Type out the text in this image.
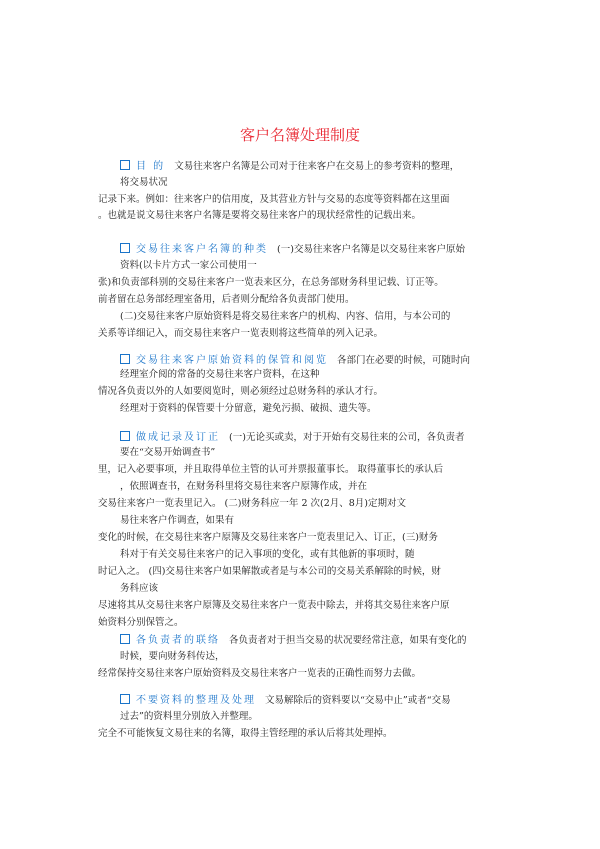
客户名簿处理制度
目 的 文易往来客户名簿是公司对于往来客户在交易上的参考资料的整理，
将交易状况
记录下来。例如：往来客户的信用度，及其营业方针与交易的态度等资料都在这里面
。也就是说文易往来客户名簿是要将交易往来客户的现状经常性的记载出来。
交易往来客户名簿的种类 (一)交易往来客户名簿是以交易往来客户原始
资料(以卡片方式一家公司使用一
张)和负责部科别的交易往来客户一览表来区分，在总务部财务科里记载、订正等。
前者留在总务部经理室备用，后者则分配给各负责部门使用。
(二)交易往来客户原始资料是将交易往来客户的机构、内容、信用，与本公司的
关系等详细记入，而交易往来客户一览表则将这些简单的列入记录。
交易往来客户原始资料的保管和阅览 各部门在必要的时候，可随时向
经理室介阅的常备的交易往来客户资料，在这种
情况各负责以外的人如要阅览时，则必须经过总财务科的承认才行。
经理对于资料的保管要十分留意，避免污损、破损、遗失等。
做成记录及订正 (一)无论买或卖，对于开始有交易往来的公司，各负责者
要在“交易开始调查书”
里，记入必要事项，并且取得单位主管的认可并票报董事长。 取得董事长的承认后
，依照调查书，在财务科里将交易往来客户原簿作成，并在
交易往来客户一览表里记入。 (二)财务科应一年 2 次(2月、8月)定期对文
易往来客户作调查，如果有
变化的时候，在交易往来客户原簿及交易往来客户一览表里记入、订正，(三)财务
科对于有关交易往来客户的记入事项的变化，或有其他新的事项时，随
时记入之。 (四)交易往来客户如果解散或者是与本公司的交易关系解除的时候，财
务科应该
尽速将其从交易往来客户原簿及交易往来客户一览表中除去，并将其交易往来客户原
始资料分别保管之。
各负责者的联络 各负责者对于担当交易的状况要经常注意，如果有变化的
时候，要向财务科传达，
经常保持交易往来客户原始资料及交易往来客户一览表的正确性而努力去做。
不要资料的整理及处理 文易解除后的资料要以“交易中止”或者“交易
过去”的资料里分别放入并整理。
完全不可能恢复文易往来的名簿，取得主管经理的承认后将其处理掉。
